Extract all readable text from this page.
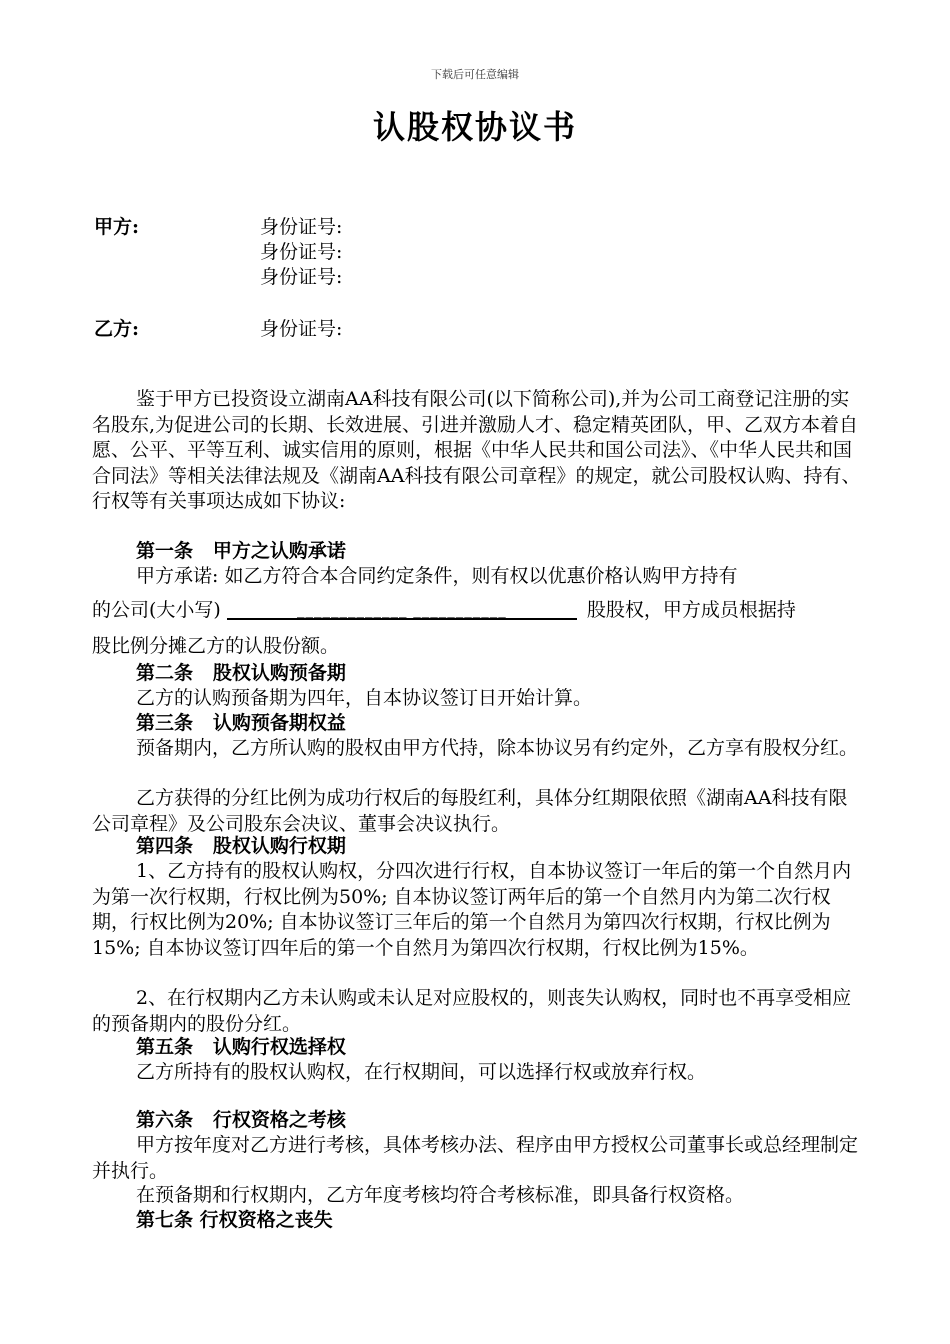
下载后可任意编辑
认股权协议书
甲方:	身份证号:
身份证号:
身份证号:
乙方:	身份证号:
鉴于甲方已投资设立湖南AA科技有限公司(以下简称公司),并为公司工商登记注册的实名股东,为促进公司的长期、长效进展、引进并激励人才、稳定精英团队，甲、乙双方本着自愿、公平、平等互利、诚实信用的原则，根据《中华人民共和国公司法》、《中华人民共和国合同法》等相关法律法规及《湖南AA科技有限公司章程》的规定，就公司股权认购、持有、行权等有关事项达成如下协议:
第一条   甲方之认购承诺
甲方承诺: 如乙方符合本合同约定条件，则有权以优惠价格认购甲方持有
的公司(大小写)	_____________ ___________	股股权，甲方成员根据持
股比例分摊乙方的认股份额。
第二条   股权认购预备期
乙方的认购预备期为四年，自本协议签订日开始计算。
第三条   认购预备期权益
预备期内，乙方所认购的股权由甲方代持，除本协议另有约定外，乙方享有股权分红。
乙方获得的分红比例为成功行权后的每股红利，具体分红期限依照《湖南AA科技有限公司章程》及公司股东会决议、董事会决议执行。
第四条   股权认购行权期
1、乙方持有的股权认购权，分四次进行行权，自本协议签订一年后的第一个自然月内为第一次行权期，行权比例为50%; 自本协议签订两年后的第一个自然月内为第二次行权期，行权比例为20%; 自本协议签订三年后的第一个自然月为第四次行权期，行权比例为15%; 自本协议签订四年后的第一个自然月为第四次行权期，行权比例为15%。
2、在行权期内乙方未认购或未认足对应股权的，则丧失认购权，同时也不再享受相应的预备期内的股份分红。
第五条   认购行权选择权
乙方所持有的股权认购权，在行权期间，可以选择行权或放弃行权。
第六条   行权资格之考核
甲方按年度对乙方进行考核，具体考核办法、程序由甲方授权公司董事长或总经理制定并执行。
在预备期和行权期内，乙方年度考核均符合考核标准，即具备行权资格。
第七条 行权资格之丧失
